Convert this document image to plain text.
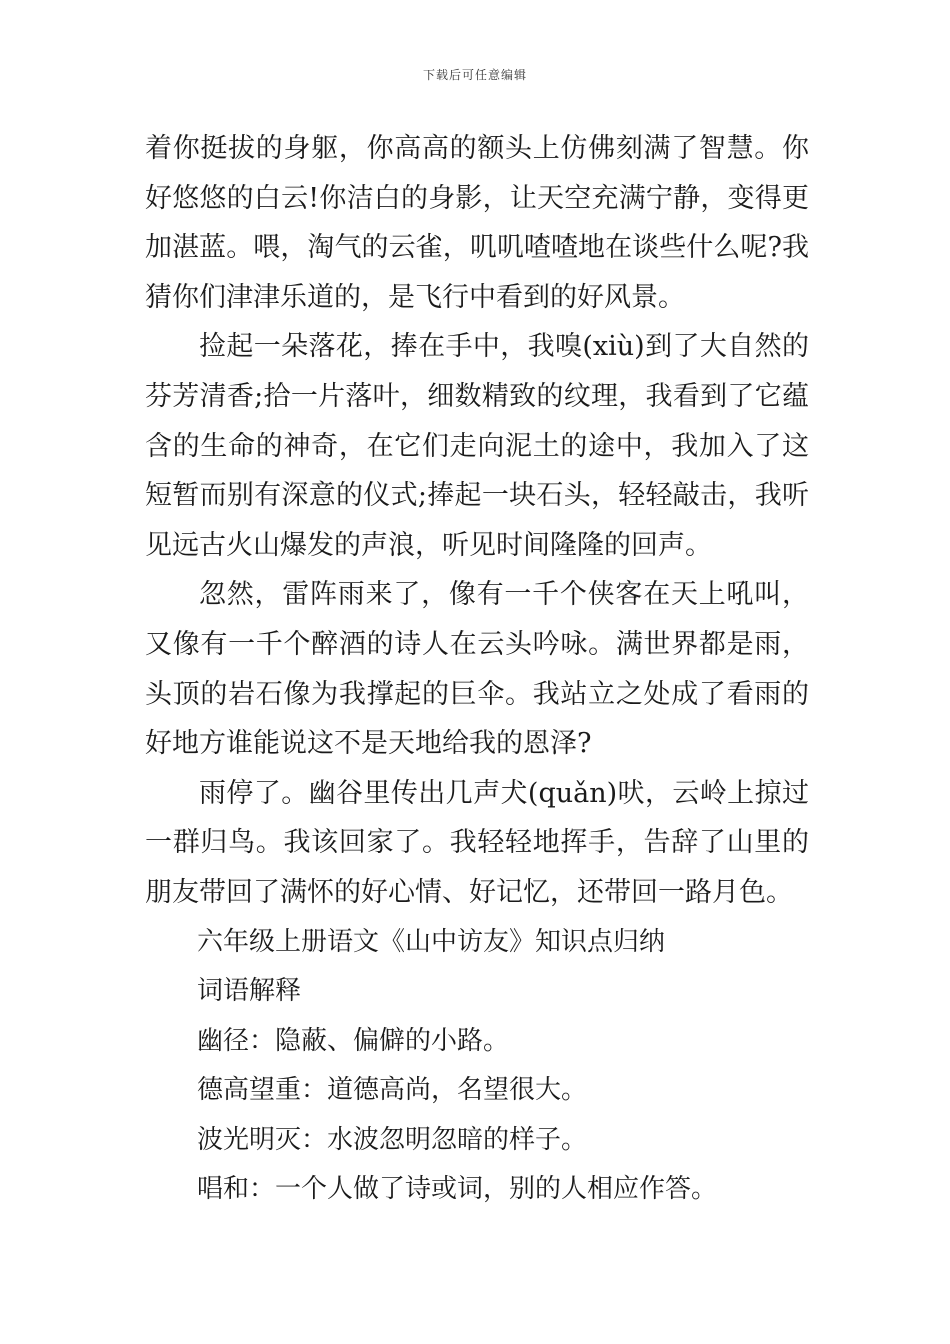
下载后可任意编辑

着你挺拔的身躯，你高高的额头上仿佛刻满了智慧。你好悠悠的白云!你洁白的身影，让天空充满宁静，变得更加湛蓝。喂，淘气的云雀，叽叽喳喳地在谈些什么呢?我猜你们津津乐道的，是飞行中看到的好风景。

捡起一朵落花，捧在手中，我嗅(xiù)到了大自然的芬芳清香;拾一片落叶，细数精致的纹理，我看到了它蕴含的生命的神奇，在它们走向泥土的途中，我加入了这短暂而别有深意的仪式;捧起一块石头，轻轻敲击，我听见远古火山爆发的声浪，听见时间隆隆的回声。

忽然，雷阵雨来了，像有一千个侠客在天上吼叫，又像有一千个醉酒的诗人在云头吟咏。满世界都是雨，头顶的岩石像为我撑起的巨伞。我站立之处成了看雨的好地方谁能说这不是天地给我的恩泽?

雨停了。幽谷里传出几声犬(quǎn)吠，云岭上掠过一群归鸟。我该回家了。我轻轻地挥手，告辞了山里的朋友带回了满怀的好心情、好记忆，还带回一路月色。

六年级上册语文《山中访友》知识点归纳

词语解释

幽径：隐蔽、偏僻的小路。

德高望重：道德高尚，名望很大。

波光明灭：水波忽明忽暗的样子。

唱和：一个人做了诗或词，别的人相应作答。
